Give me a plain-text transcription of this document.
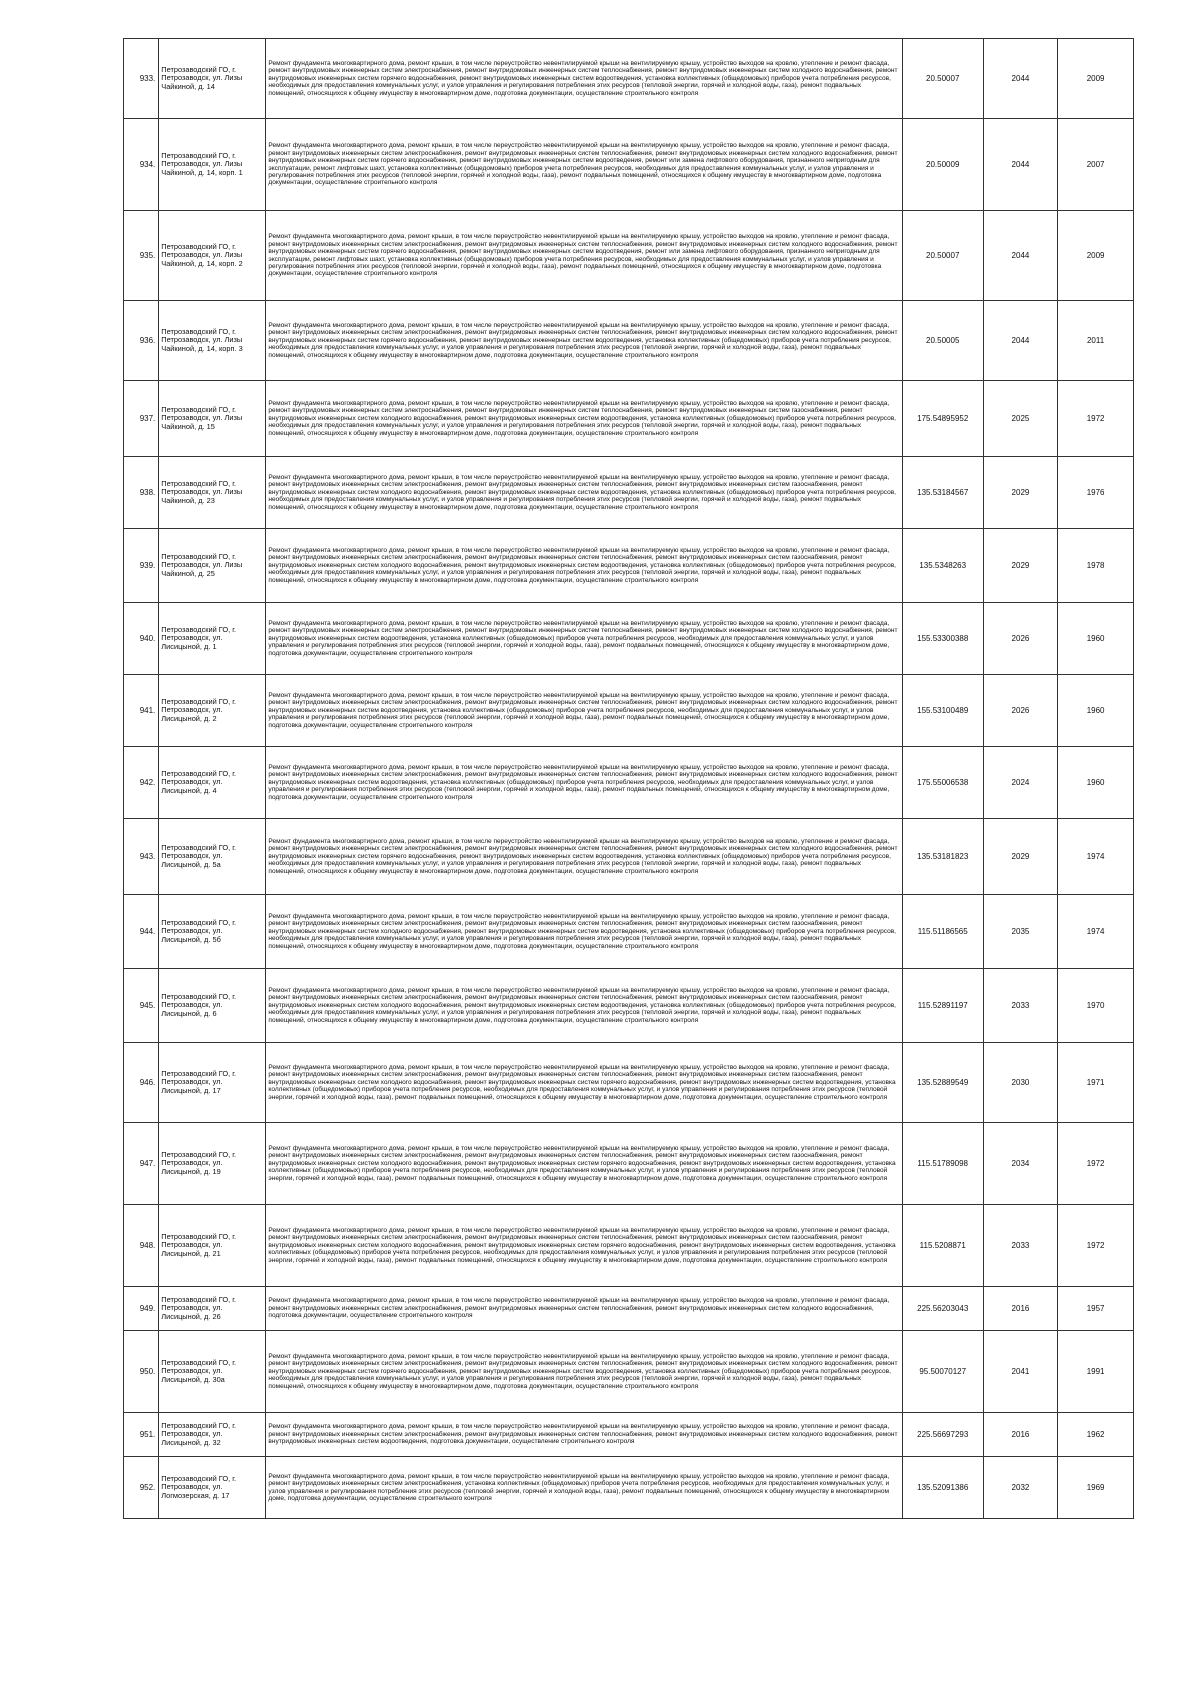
933.	Петрозаводский ГО, г. Петрозаводск, ул. Лизы Чайкиной, д. 14	Ремонт фундамента многоквартирного дома, ремонт крыши, в том числе переустройство невентилируемой крыши на вентилируемую крышу, устройство выходов на кровлю, утепление и ремонт фасада, ремонт внутридомовых инженерных систем электроснабжения, ремонт внутридомовых инженерных систем теплоснабжения, ремонт внутридомовых инженерных систем холодного водоснабжения, ремонт внутридомовых инженерных систем горячего водоснабжения, ремонт внутридомовых инженерных систем водоотведения, установка коллективных (общедомовых) приборов учета потребления ресурсов, необходимых для предоставления коммунальных услуг, и узлов управления и регулирования потребления этих ресурсов (тепловой энергии, горячей и холодной воды, газа), ремонт подвальных помещений, относящихся к общему имуществу в многоквартирном доме, подготовка документации, осуществление строительного контроля	20.50007	2044	2009
934.	Петрозаводский ГО, г. Петрозаводск, ул. Лизы Чайкиной, д. 14, корп. 1	Ремонт фундамента многоквартирного дома, ремонт крыши, в том числе переустройство невентилируемой крыши на вентилируемую крышу, устройство выходов на кровлю, утепление и ремонт фасада, ремонт внутридомовых инженерных систем электроснабжения, ремонт внутридомовых инженерных систем теплоснабжения, ремонт внутридомовых инженерных систем холодного водоснабжения, ремонт внутридомовых инженерных систем горячего водоснабжения, ремонт внутридомовых инженерных систем водоотведения, ремонт или замена лифтового оборудования, признанного непригодным для эксплуатации, ремонт лифтовых шахт, установка коллективных (общедомовых) приборов учета потребления ресурсов, необходимых для предоставления коммунальных услуг, и узлов управления и регулирования потребления этих ресурсов (тепловой энергии, горячей и холодной воды, газа), ремонт подвальных помещений, относящихся к общему имуществу в многоквартирном доме, подготовка документации, осуществление строительного контроля	20.50009	2044	2007
935.	Петрозаводский ГО, г. Петрозаводск, ул. Лизы Чайкиной, д. 14, корп. 2	Ремонт фундамента многоквартирного дома, ремонт крыши, в том числе переустройство невентилируемой крыши на вентилируемую крышу, устройство выходов на кровлю, утепление и ремонт фасада, ремонт внутридомовых инженерных систем электроснабжения, ремонт внутридомовых инженерных систем теплоснабжения, ремонт внутридомовых инженерных систем холодного водоснабжения, ремонт внутридомовых инженерных систем горячего водоснабжения, ремонт внутридомовых инженерных систем водоотведения, ремонт или замена лифтового оборудования, признанного непригодным для эксплуатации, ремонт лифтовых шахт, установка коллективных (общедомовых) приборов учета потребления ресурсов, необходимых для предоставления коммунальных услуг, и узлов управления и регулирования потребления этих ресурсов (тепловой энергии, горячей и холодной воды, газа), ремонт подвальных помещений, относящихся к общему имуществу в многоквартирном доме, подготовка документации, осуществление строительного контроля	20.50007	2044	2009
936.	Петрозаводский ГО, г. Петрозаводск, ул. Лизы Чайкиной, д. 14, корп. 3	Ремонт фундамента многоквартирного дома, ремонт крыши, в том числе переустройство невентилируемой крыши на вентилируемую крышу, устройство выходов на кровлю, утепление и ремонт фасада, ремонт внутридомовых инженерных систем электроснабжения, ремонт внутридомовых инженерных систем теплоснабжения, ремонт внутридомовых инженерных систем холодного водоснабжения, ремонт внутридомовых инженерных систем горячего водоснабжения, ремонт внутридомовых инженерных систем водоотведения, установка коллективных (общедомовых) приборов учета потребления ресурсов, необходимых для предоставления коммунальных услуг, и узлов управления и регулирования потребления этих ресурсов (тепловой энергии, горячей и холодной воды, газа), ремонт подвальных помещений, относящихся к общему имуществу в многоквартирном доме, подготовка документации, осуществление строительного контроля	20.50005	2044	2011
937.	Петрозаводский ГО, г. Петрозаводск, ул. Лизы Чайкиной, д. 15	Ремонт фундамента многоквартирного дома, ремонт крыши, в том числе переустройство невентилируемой крыши на вентилируемую крышу, устройство выходов на кровлю, утепление и ремонт фасада, ремонт внутридомовых инженерных систем электроснабжения, ремонт внутридомовых инженерных систем теплоснабжения, ремонт внутридомовых инженерных систем газоснабжения, ремонт внутридомовых инженерных систем холодного водоснабжения, ремонт внутридомовых инженерных систем водоотведения, установка коллективных (общедомовых) приборов учета потребления ресурсов, необходимых для предоставления коммунальных услуг, и узлов управления и регулирования потребления этих ресурсов (тепловой энергии, горячей и холодной воды, газа), ремонт подвальных помещений, относящихся к общему имуществу в многоквартирном доме, подготовка документации, осуществление строительного контроля	175.54895952	2025	1972
938.	Петрозаводский ГО, г. Петрозаводск, ул. Лизы Чайкиной, д. 23	Ремонт фундамента многоквартирного дома, ремонт крыши, в том числе переустройство невентилируемой крыши на вентилируемую крышу, устройство выходов на кровлю, утепление и ремонт фасада, ремонт внутридомовых инженерных систем электроснабжения, ремонт внутридомовых инженерных систем теплоснабжения, ремонт внутридомовых инженерных систем газоснабжения, ремонт внутридомовых инженерных систем холодного водоснабжения, ремонт внутридомовых инженерных систем водоотведения, установка коллективных (общедомовых) приборов учета потребления ресурсов, необходимых для предоставления коммунальных услуг, и узлов управления и регулирования потребления этих ресурсов (тепловой энергии, горячей и холодной воды, газа), ремонт подвальных помещений, относящихся к общему имуществу в многоквартирном доме, подготовка документации, осуществление строительного контроля	135.53184567	2029	1976
939.	Петрозаводский ГО, г. Петрозаводск, ул. Лизы Чайкиной, д. 25	Ремонт фундамента многоквартирного дома, ремонт крыши, в том числе переустройство невентилируемой крыши на вентилируемую крышу, устройство выходов на кровлю, утепление и ремонт фасада, ремонт внутридомовых инженерных систем электроснабжения, ремонт внутридомовых инженерных систем теплоснабжения, ремонт внутридомовых инженерных систем газоснабжения, ремонт внутридомовых инженерных систем холодного водоснабжения, ремонт внутридомовых инженерных систем водоотведения, установка коллективных (общедомовых) приборов учета потребления ресурсов, необходимых для предоставления коммунальных услуг, и узлов управления и регулирования потребления этих ресурсов (тепловой энергии, горячей и холодной воды, газа), ремонт подвальных помещений, относящихся к общему имуществу в многоквартирном доме, подготовка документации, осуществление строительного контроля	135.5348263	2029	1978
940.	Петрозаводский ГО, г. Петрозаводск, ул. Лисицыной, д. 1	Ремонт фундамента многоквартирного дома, ремонт крыши, в том числе переустройство невентилируемой крыши на вентилируемую крышу, устройство выходов на кровлю, утепление и ремонт фасада, ремонт внутридомовых инженерных систем электроснабжения, ремонт внутридомовых инженерных систем теплоснабжения, ремонт внутридомовых инженерных систем холодного водоснабжения, ремонт внутридомовых инженерных систем водоотведения, установка коллективных (общедомовых) приборов учета потребления ресурсов, необходимых для предоставления коммунальных услуг, и узлов управления и регулирования потребления этих ресурсов (тепловой энергии, горячей и холодной воды, газа), ремонт подвальных помещений, относящихся к общему имуществу в многоквартирном доме, подготовка документации, осуществление строительного контроля	155.53300388	2026	1960
941.	Петрозаводский ГО, г. Петрозаводск, ул. Лисицыной, д. 2	Ремонт фундамента многоквартирного дома, ремонт крыши, в том числе переустройство невентилируемой крыши на вентилируемую крышу, устройство выходов на кровлю, утепление и ремонт фасада, ремонт внутридомовых инженерных систем электроснабжения, ремонт внутридомовых инженерных систем теплоснабжения, ремонт внутридомовых инженерных систем холодного водоснабжения, ремонт внутридомовых инженерных систем водоотведения, установка коллективных (общедомовых) приборов учета потребления ресурсов, необходимых для предоставления коммунальных услуг, и узлов управления и регулирования потребления этих ресурсов (тепловой энергии, горячей и холодной воды, газа), ремонт подвальных помещений, относящихся к общему имуществу в многоквартирном доме, подготовка документации, осуществление строительного контроля	155.53100489	2026	1960
942.	Петрозаводский ГО, г. Петрозаводск, ул. Лисицыной, д. 4	Ремонт фундамента многоквартирного дома, ремонт крыши, в том числе переустройство невентилируемой крыши на вентилируемую крышу, устройство выходов на кровлю, утепление и ремонт фасада, ремонт внутридомовых инженерных систем электроснабжения, ремонт внутридомовых инженерных систем теплоснабжения, ремонт внутридомовых инженерных систем холодного водоснабжения, ремонт внутридомовых инженерных систем водоотведения, установка коллективных (общедомовых) приборов учета потребления ресурсов, необходимых для предоставления коммунальных услуг, и узлов управления и регулирования потребления этих ресурсов (тепловой энергии, горячей и холодной воды, газа), ремонт подвальных помещений, относящихся к общему имуществу в многоквартирном доме, подготовка документации, осуществление строительного контроля	175.55006538	2024	1960
943.	Петрозаводский ГО, г. Петрозаводск, ул. Лисицыной, д. 5а	Ремонт фундамента многоквартирного дома, ремонт крыши, в том числе переустройство невентилируемой крыши на вентилируемую крышу, устройство выходов на кровлю, утепление и ремонт фасада, ремонт внутридомовых инженерных систем электроснабжения, ремонт внутридомовых инженерных систем теплоснабжения, ремонт внутридомовых инженерных систем холодного водоснабжения, ремонт внутридомовых инженерных систем горячего водоснабжения, ремонт внутридомовых инженерных систем водоотведения, установка коллективных (общедомовых) приборов учета потребления ресурсов, необходимых для предоставления коммунальных услуг, и узлов управления и регулирования потребления этих ресурсов (тепловой энергии, горячей и холодной воды, газа), ремонт подвальных помещений, относящихся к общему имуществу в многоквартирном доме, подготовка документации, осуществление строительного контроля	135.53181823	2029	1974
944.	Петрозаводский ГО, г. Петрозаводск, ул. Лисицыной, д. 5б	Ремонт фундамента многоквартирного дома, ремонт крыши, в том числе переустройство невентилируемой крыши на вентилируемую крышу, устройство выходов на кровлю, утепление и ремонт фасада, ремонт внутридомовых инженерных систем электроснабжения, ремонт внутридомовых инженерных систем теплоснабжения, ремонт внутридомовых инженерных систем газоснабжения, ремонт внутридомовых инженерных систем холодного водоснабжения, ремонт внутридомовых инженерных систем водоотведения, установка коллективных (общедомовых) приборов учета потребления ресурсов, необходимых для предоставления коммунальных услуг, и узлов управления и регулирования потребления этих ресурсов (тепловой энергии, горячей и холодной воды, газа), ремонт подвальных помещений, относящихся к общему имуществу в многоквартирном доме, подготовка документации, осуществление строительного контроля	115.51186565	2035	1974
945.	Петрозаводский ГО, г. Петрозаводск, ул. Лисицыной, д. 6	Ремонт фундамента многоквартирного дома, ремонт крыши, в том числе переустройство невентилируемой крыши на вентилируемую крышу, устройство выходов на кровлю, утепление и ремонт фасада, ремонт внутридомовых инженерных систем электроснабжения, ремонт внутридомовых инженерных систем теплоснабжения, ремонт внутридомовых инженерных систем газоснабжения, ремонт внутридомовых инженерных систем холодного водоснабжения, ремонт внутридомовых инженерных систем водоотведения, установка коллективных (общедомовых) приборов учета потребления ресурсов, необходимых для предоставления коммунальных услуг, и узлов управления и регулирования потребления этих ресурсов (тепловой энергии, горячей и холодной воды, газа), ремонт подвальных помещений, относящихся к общему имуществу в многоквартирном доме, подготовка документации, осуществление строительного контроля	115.52891197	2033	1970
946.	Петрозаводский ГО, г. Петрозаводск, ул. Лисицыной, д. 17	Ремонт фундамента многоквартирного дома, ремонт крыши, в том числе переустройство невентилируемой крыши на вентилируемую крышу, устройство выходов на кровлю, утепление и ремонт фасада, ремонт внутридомовых инженерных систем электроснабжения, ремонт внутридомовых инженерных систем теплоснабжения, ремонт внутридомовых инженерных систем газоснабжения, ремонт внутридомовых инженерных систем холодного водоснабжения, ремонт внутридомовых инженерных систем горячего водоснабжения, ремонт внутридомовых инженерных систем водоотведения, установка коллективных (общедомовых) приборов учета потребления ресурсов, необходимых для предоставления коммунальных услуг, и узлов управления и регулирования потребления этих ресурсов (тепловой энергии, горячей и холодной воды, газа), ремонт подвальных помещений, относящихся к общему имуществу в многоквартирном доме, подготовка документации, осуществление строительного контроля	135.52889549	2030	1971
947.	Петрозаводский ГО, г. Петрозаводск, ул. Лисицыной, д. 19	Ремонт фундамента многоквартирного дома, ремонт крыши, в том числе переустройство невентилируемой крыши на вентилируемую крышу, устройство выходов на кровлю, утепление и ремонт фасада, ремонт внутридомовых инженерных систем электроснабжения, ремонт внутридомовых инженерных систем теплоснабжения, ремонт внутридомовых инженерных систем газоснабжения, ремонт внутридомовых инженерных систем холодного водоснабжения, ремонт внутридомовых инженерных систем горячего водоснабжения, ремонт внутридомовых инженерных систем водоотведения, установка коллективных (общедомовых) приборов учета потребления ресурсов, необходимых для предоставления коммунальных услуг, и узлов управления и регулирования потребления этих ресурсов (тепловой энергии, горячей и холодной воды, газа), ремонт подвальных помещений, относящихся к общему имуществу в многоквартирном доме, подготовка документации, осуществление строительного контроля	115.51789098	2034	1972
948.	Петрозаводский ГО, г. Петрозаводск, ул. Лисицыной, д. 21	Ремонт фундамента многоквартирного дома, ремонт крыши, в том числе переустройство невентилируемой крыши на вентилируемую крышу, устройство выходов на кровлю, утепление и ремонт фасада, ремонт внутридомовых инженерных систем электроснабжения, ремонт внутридомовых инженерных систем теплоснабжения, ремонт внутридомовых инженерных систем газоснабжения, ремонт внутридомовых инженерных систем холодного водоснабжения, ремонт внутридомовых инженерных систем горячего водоснабжения, ремонт внутридомовых инженерных систем водоотведения, установка коллективных (общедомовых) приборов учета потребления ресурсов, необходимых для предоставления коммунальных услуг, и узлов управления и регулирования потребления этих ресурсов (тепловой энергии, горячей и холодной воды, газа), ремонт подвальных помещений, относящихся к общему имуществу в многоквартирном доме, подготовка документации, осуществление строительного контроля	115.5208871	2033	1972
949.	Петрозаводский ГО, г. Петрозаводск, ул. Лисицыной, д. 26	Ремонт фундамента многоквартирного дома, ремонт крыши, в том числе переустройство невентилируемой крыши на вентилируемую крышу, устройство выходов на кровлю, утепление и ремонт фасада, ремонт внутридомовых инженерных систем электроснабжения, ремонт внутридомовых инженерных систем теплоснабжения, ремонт внутридомовых инженерных систем холодного водоснабжения, подготовка документации, осуществление строительного контроля	225.56203043	2016	1957
950.	Петрозаводский ГО, г. Петрозаводск, ул. Лисицыной, д. 30а	Ремонт фундамента многоквартирного дома, ремонт крыши, в том числе переустройство невентилируемой крыши на вентилируемую крышу, устройство выходов на кровлю, утепление и ремонт фасада, ремонт внутридомовых инженерных систем электроснабжения, ремонт внутридомовых инженерных систем теплоснабжения, ремонт внутридомовых инженерных систем холодного водоснабжения, ремонт внутридомовых инженерных систем горячего водоснабжения, ремонт внутридомовых инженерных систем водоотведения, установка коллективных (общедомовых) приборов учета потребления ресурсов, необходимых для предоставления коммунальных услуг, и узлов управления и регулирования потребления этих ресурсов (тепловой энергии, горячей и холодной воды, газа), ремонт подвальных помещений, относящихся к общему имуществу в многоквартирном доме, подготовка документации, осуществление строительного контроля	95.50070127	2041	1991
951.	Петрозаводский ГО, г. Петрозаводск, ул. Лисицыной, д. 32	Ремонт фундамента многоквартирного дома, ремонт крыши, в том числе переустройство невентилируемой крыши на вентилируемую крышу, устройство выходов на кровлю, утепление и ремонт фасада, ремонт внутридомовых инженерных систем электроснабжения, ремонт внутридомовых инженерных систем теплоснабжения, ремонт внутридомовых инженерных систем холодного водоснабжения, ремонт внутридомовых инженерных систем водоотведения, подготовка документации, осуществление строительного контроля	225.56697293	2016	1962
952.	Петрозаводский ГО, г. Петрозаводск, ул. Логмозерская, д. 17	Ремонт фундамента многоквартирного дома, ремонт крыши, в том числе переустройство невентилируемой крыши на вентилируемую крышу, устройство выходов на кровлю, утепление и ремонт фасада, ремонт внутридомовых инженерных систем электроснабжения, установка коллективных (общедомовых) приборов учета потребления ресурсов, необходимых для предоставления коммунальных услуг, и узлов управления и регулирования потребления этих ресурсов (тепловой энергии, горячей и холодной воды, газа), ремонт подвальных помещений, относящихся к общему имуществу в многоквартирном доме, подготовка документации, осуществление строительного контроля	135.52091386	2032	1969
